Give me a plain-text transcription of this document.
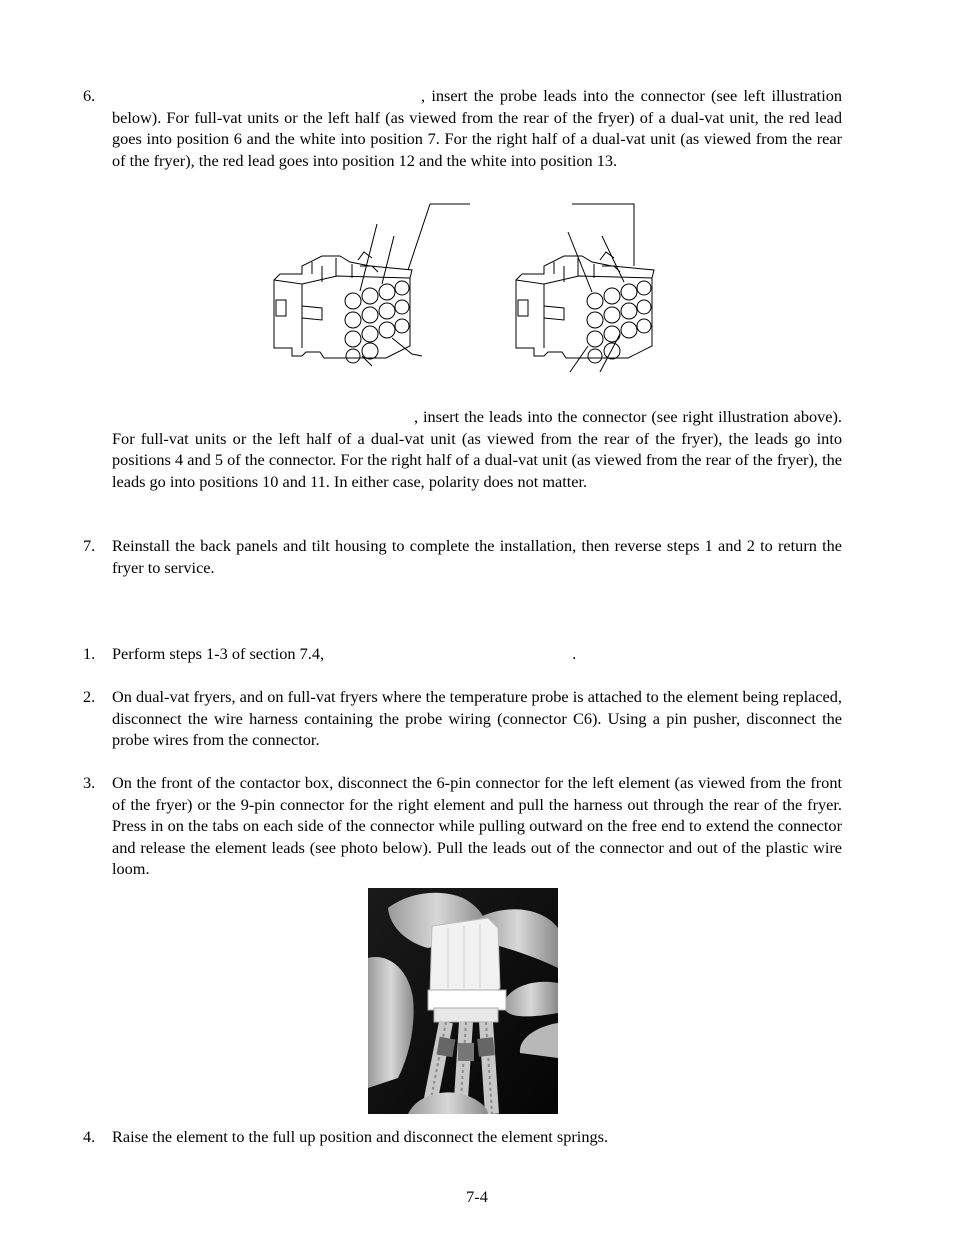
6.	, insert the probe leads into the connector (see left illustration below). For full-vat units or the left half (as viewed from the rear of the fryer) of a dual-vat unit, the red lead goes into position 6 and the white into position 7. For the right half of a dual-vat unit (as viewed from the rear of the fryer), the red lead goes into position 12 and the white into position 13.
, insert the leads into the connector (see right illustration above). For full-vat units or the left half of a dual-vat unit (as viewed from the rear of the fryer), the leads go into positions 4 and 5 of the connector. For the right half of a dual-vat unit (as viewed from the rear of the fryer), the leads go into positions 10 and 11. In either case, polarity does not matter.
7. Reinstall the back panels and tilt housing to complete the installation, then reverse steps 1 and 2 to return the fryer to service.
1. Perform steps 1-3 of section 7.4,	.
2. On dual-vat fryers, and on full-vat fryers where the temperature probe is attached to the element being replaced, disconnect the wire harness containing the probe wiring (connector C6). Using a pin pusher, disconnect the probe wires from the connector.
3. On the front of the contactor box, disconnect the 6-pin connector for the left element (as viewed from the front of the fryer) or the 9-pin connector for the right element and pull the harness out through the rear of the fryer. Press in on the tabs on each side of the connector while pulling outward on the free end to extend the connector and release the element leads (see photo below). Pull the leads out of the connector and out of the plastic wire loom.
4. Raise the element to the full up position and disconnect the element springs.
7-4
